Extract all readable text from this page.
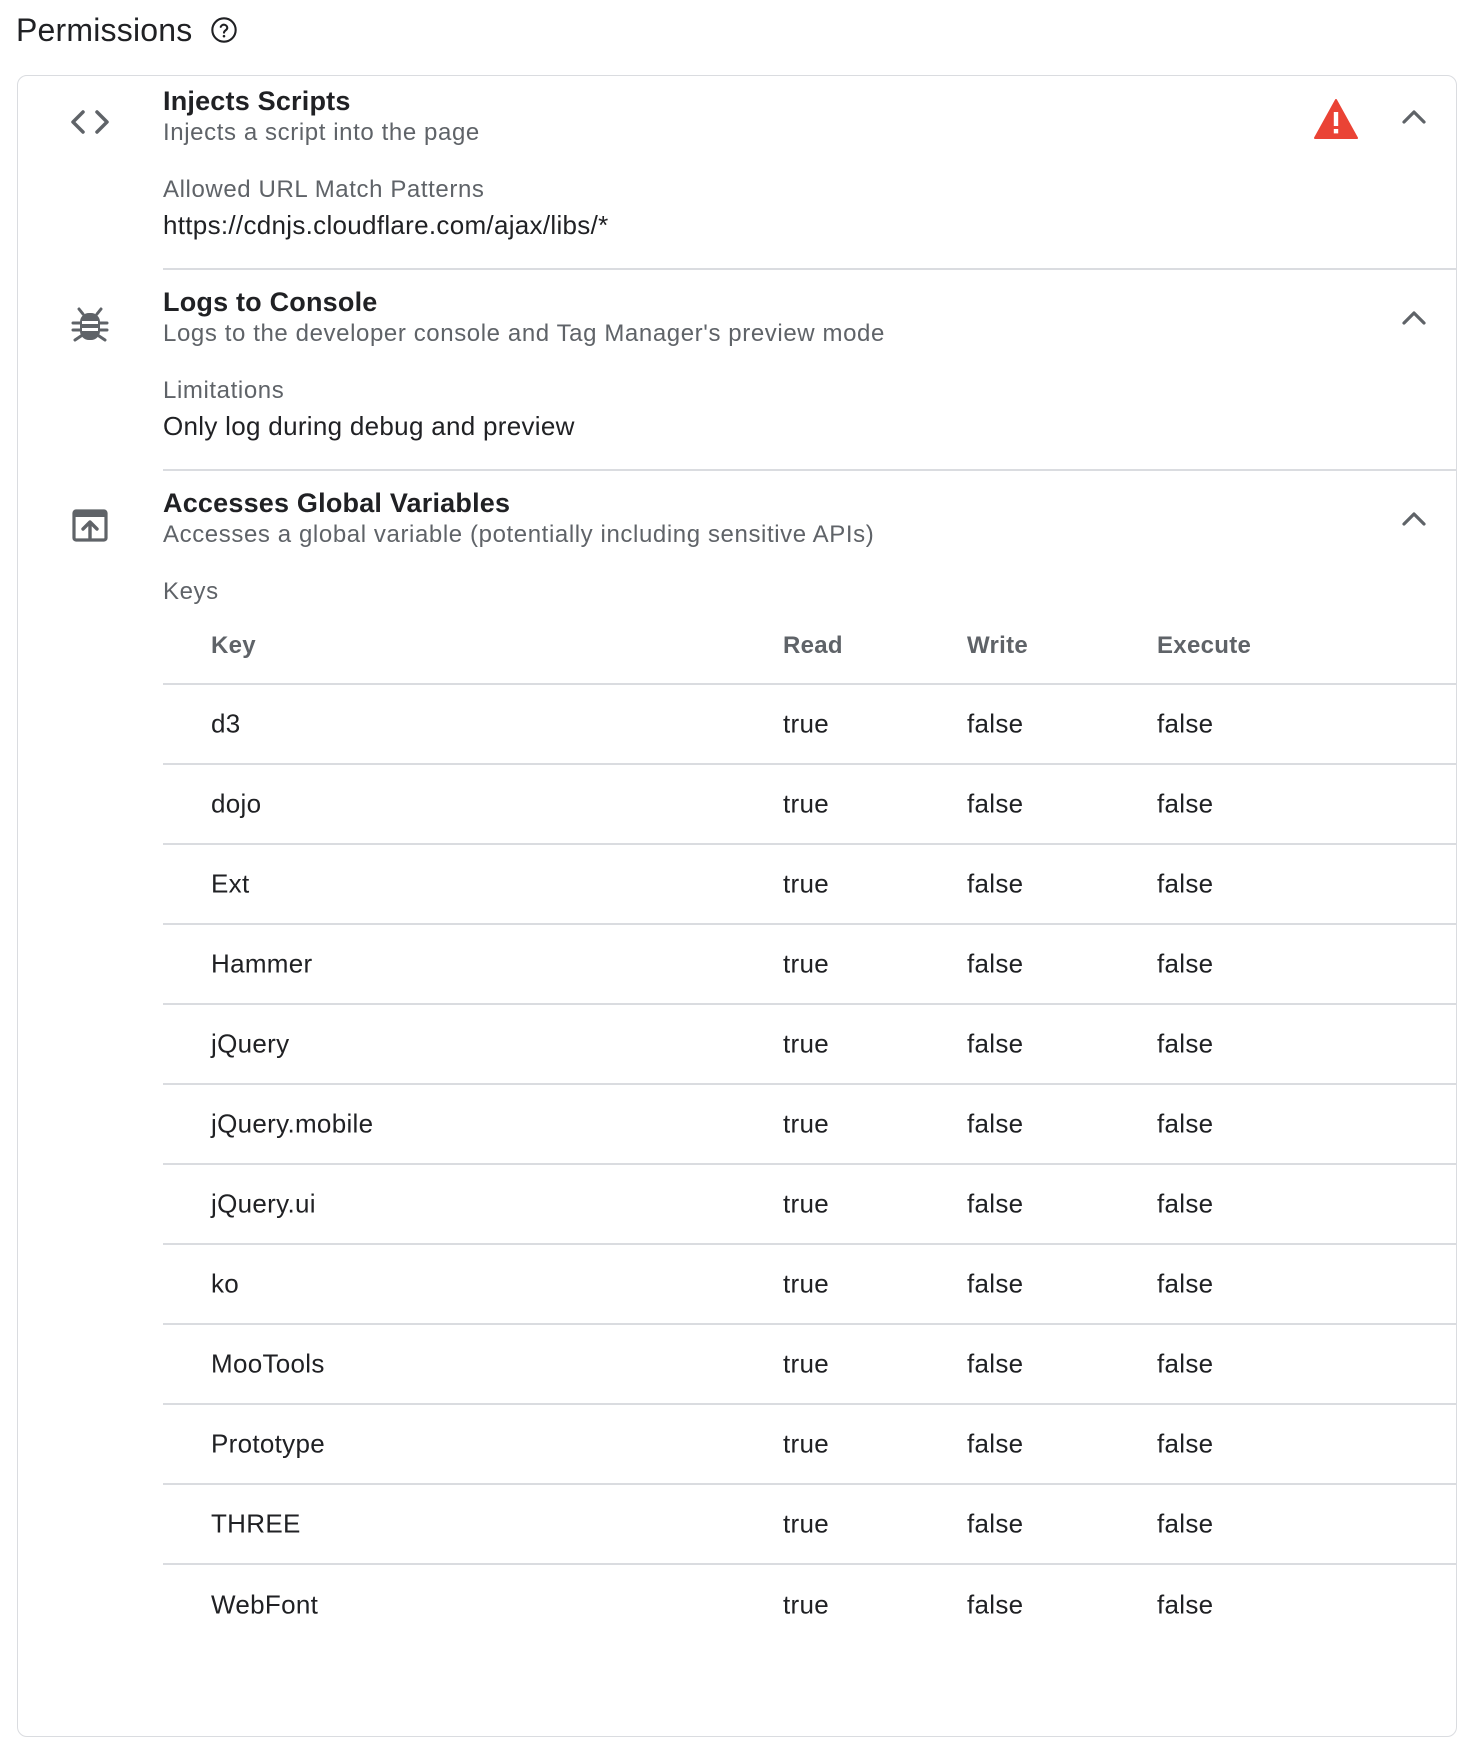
Permissions
Injects Scripts
Injects a script into the page
Allowed URL Match Patterns
https://cdnjs.cloudflare.com/ajax/libs/*
Logs to Console
Logs to the developer console and Tag Manager's preview mode
Limitations
Only log during debug and preview
Accesses Global Variables
Accesses a global variable (potentially including sensitive APIs)
Keys
Key	Read	Write	Execute
d3	true	false	false
dojo	true	false	false
Ext	true	false	false
Hammer	true	false	false
jQuery	true	false	false
jQuery.mobile	true	false	false
jQuery.ui	true	false	false
ko	true	false	false
MooTools	true	false	false
Prototype	true	false	false
THREE	true	false	false
WebFont	true	false	false
